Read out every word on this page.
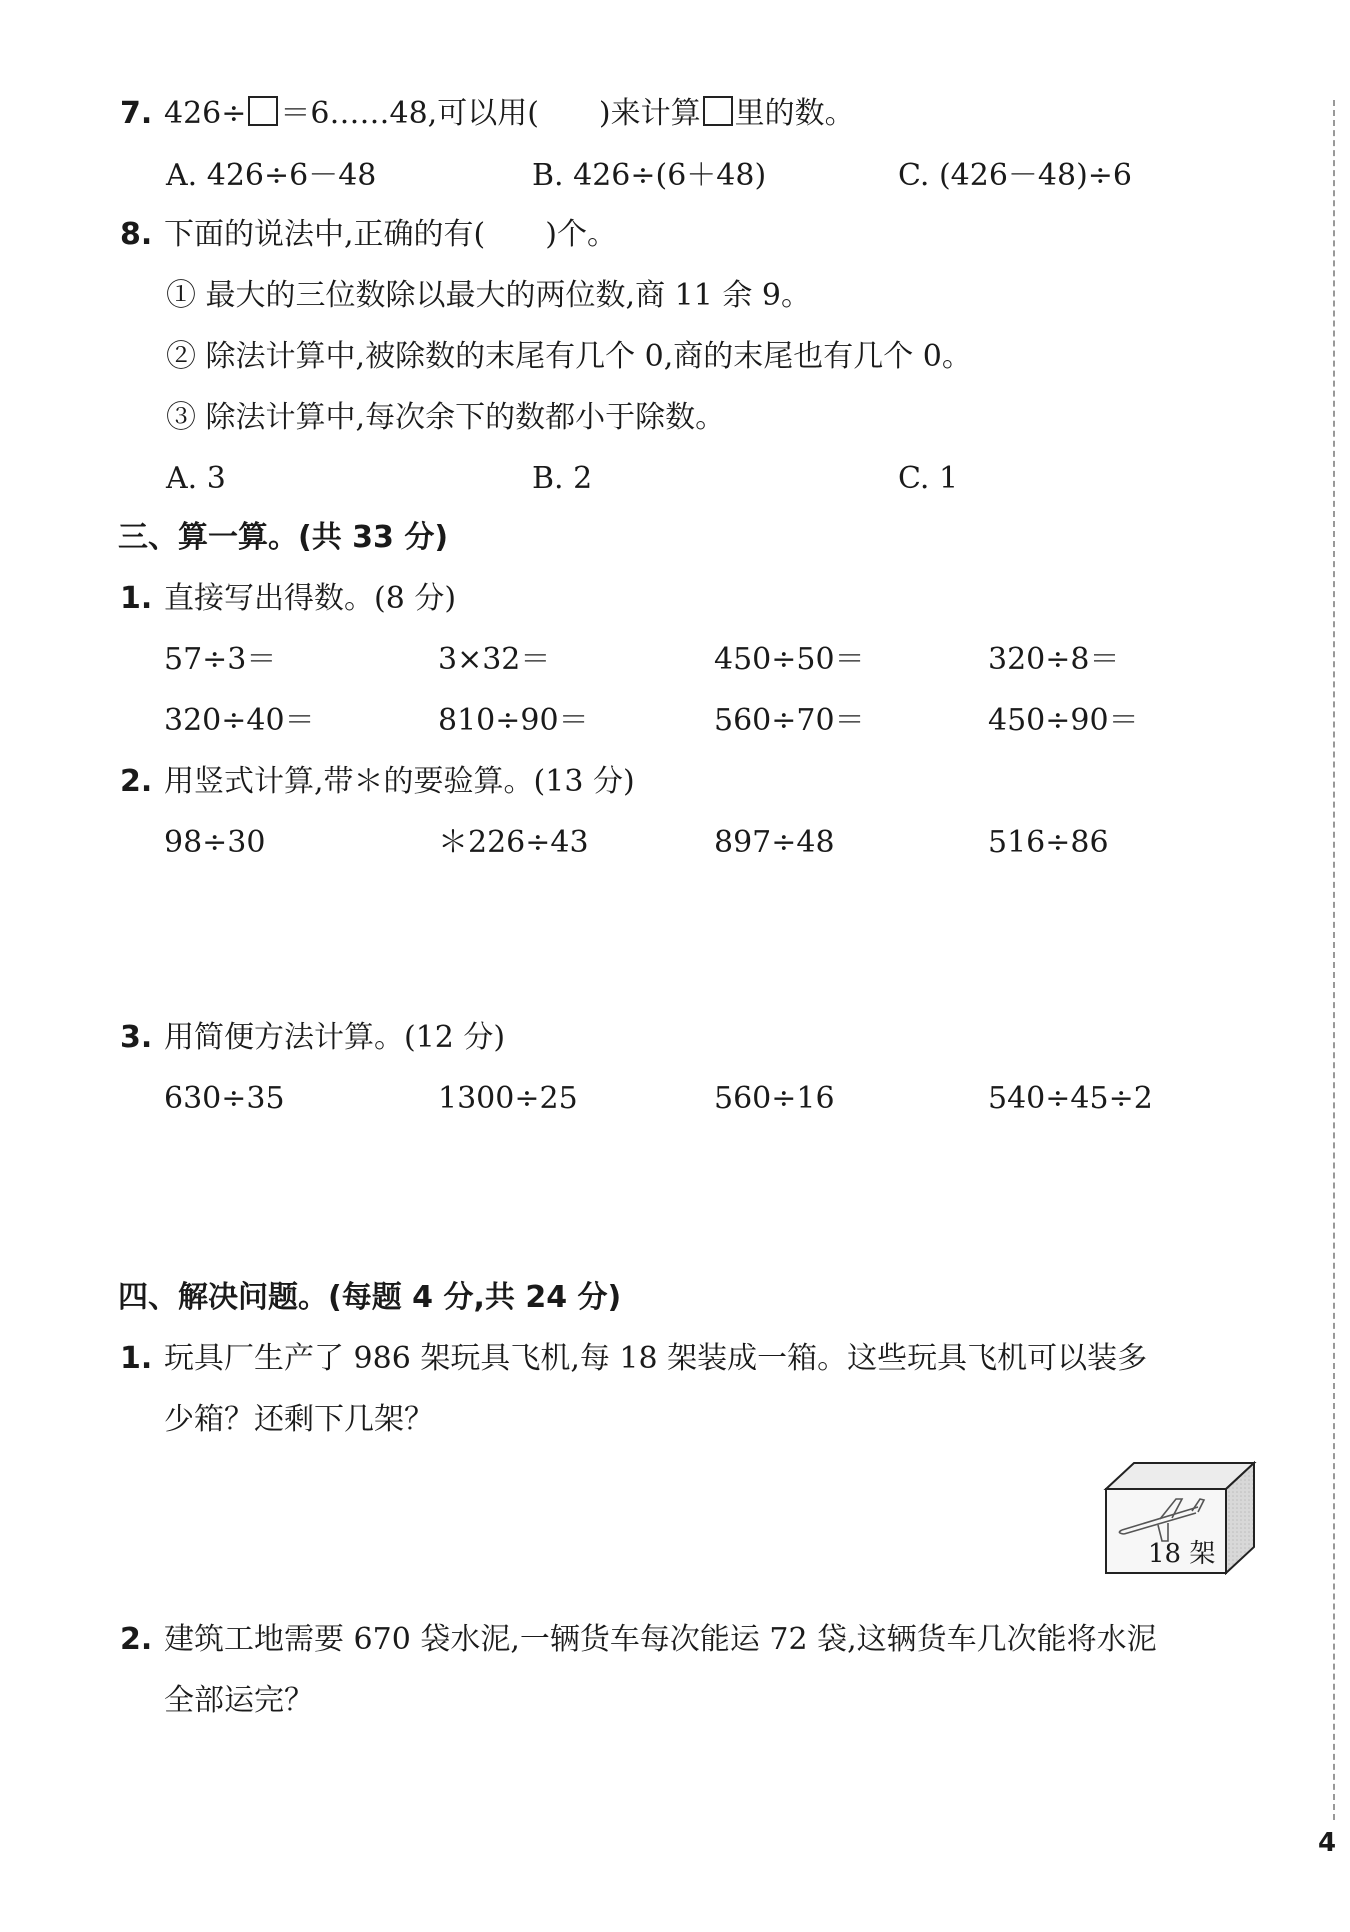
7. 426÷ ＝6……48,可以用(　　)来计算 里的数。
A. 426÷6－48	B. 426÷(6＋48)	C. (426－48)÷6
8. 下面的说法中,正确的有(　　)个。
① 最大的三位数除以最大的两位数,商 11 余 9。
② 除法计算中,被除数的末尾有几个 0,商的末尾也有几个 0。
③ 除法计算中,每次余下的数都小于除数。
A. 3	B. 2	C. 1
三、算一算。(共 33 分)
1. 直接写出得数。(8 分)
57÷3＝	3×32＝	450÷50＝	320÷8＝
320÷40＝	810÷90＝	560÷70＝	450÷90＝
2. 用竖式计算,带＊的要验算。(13 分)
98÷30	＊226÷43	897÷48	516÷86
3. 用简便方法计算。(12 分)
630÷35	1300÷25	560÷16	540÷45÷2
四、解决问题。(每题 4 分,共 24 分)
1. 玩具厂生产了 986 架玩具飞机,每 18 架装成一箱。这些玩具飞机可以装多
少箱？还剩下几架？
18 架
2. 建筑工地需要 670 袋水泥,一辆货车每次能运 72 袋,这辆货车几次能将水泥
全部运完？
4
